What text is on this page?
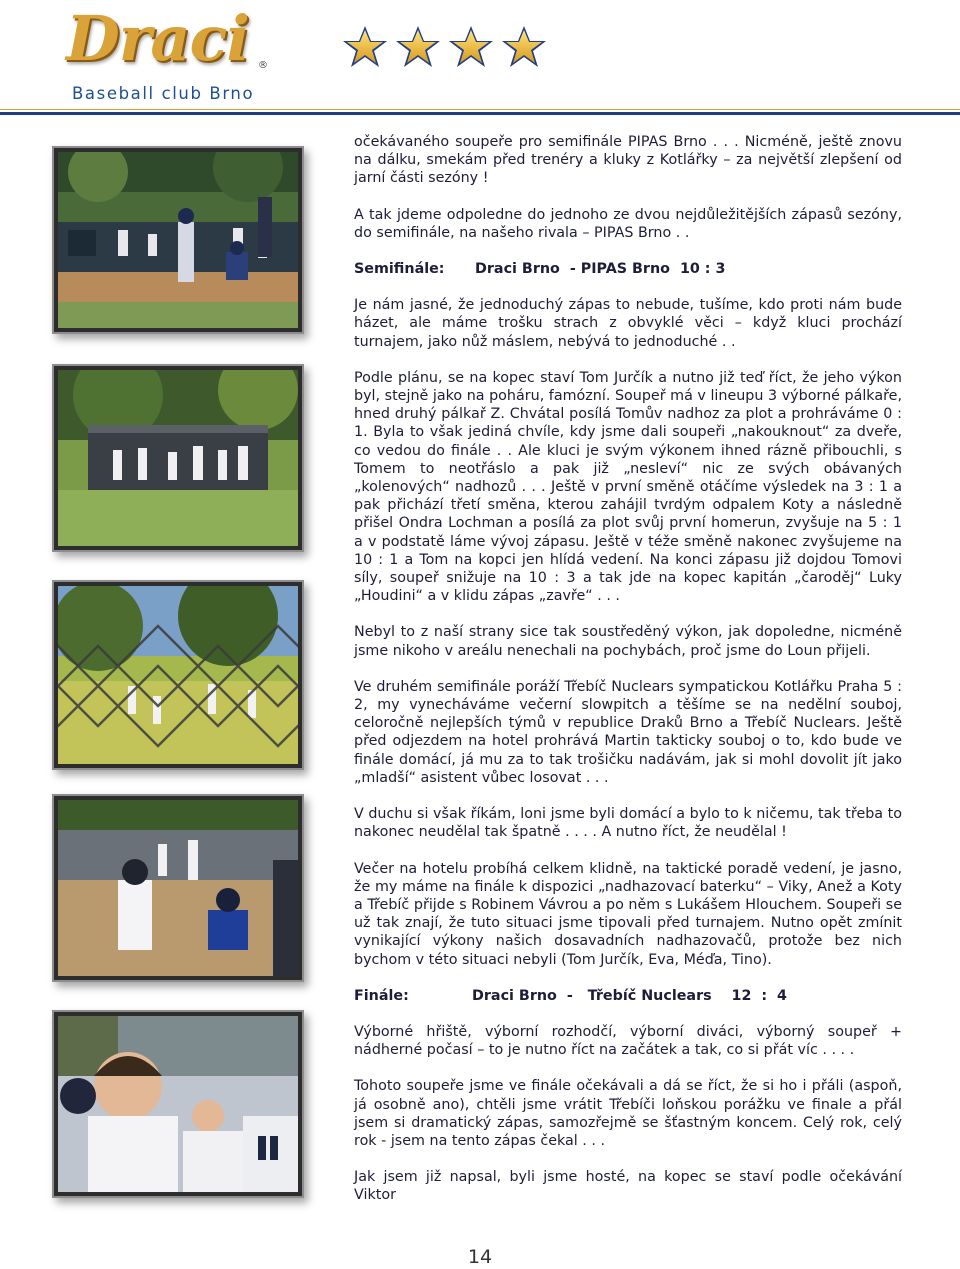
Draci ®
Baseball club Brno

očekávaného soupeře pro semifinále PIPAS Brno . . . Nicméně, ještě znovu na dálku, smekám před trenéry a kluky z Kotlářky – za největší zlepšení od jarní části sezóny !

A tak jdeme odpoledne do jednoho ze dvou nejdůležitějších zápasů sezóny, do semifinále, na našeho rivala – PIPAS Brno . .

Semifinále:	Draci Brno  - PIPAS Brno  10 : 3

Je nám jasné, že jednoduchý zápas to nebude, tušíme, kdo proti nám bude házet, ale máme trošku strach z obvyklé věci – když kluci prochází turnajem, jako nůž máslem, nebývá to jednoduché . .

Podle plánu, se na kopec staví Tom Jurčík a nutno již teď říct, že jeho výkon byl, stejně jako na poháru, famózní. Soupeř má v lineupu 3 výborné pálkaře, hned druhý pálkař Z. Chvátal posílá Tomův nadhoz za plot a prohráváme 0 : 1. Byla to však jediná chvíle, kdy jsme dali soupeři „nakouknout“ za dveře, co vedou do finále . . Ale kluci je svým výkonem ihned rázně přibouchli, s Tomem to neotřáslo a pak již „nesleví“ nic ze svých obávaných „kolenových“ nadhozů . . . Ještě v první směně otáčíme výsledek na 3 : 1 a pak přichází třetí směna, kterou zahájil tvrdým odpalem Koty a následně přišel Ondra Lochman a posílá za plot svůj první homerun, zvyšuje na 5 : 1 a v podstatě láme vývoj zápasu. Ještě v téže směně nakonec zvyšujeme na 10 : 1 a Tom na kopci jen hlídá vedení. Na konci zápasu již dojdou Tomovi síly, soupeř snižuje na 10 : 3 a tak jde na kopec kapitán „čaroděj“ Luky „Houdini“ a v klidu zápas „zavře“ . . .

Nebyl to z naší strany sice tak soustředěný výkon, jak dopoledne, nicméně jsme nikoho v areálu nenechali na pochybách, proč jsme do Loun přijeli.

Ve druhém semifinále poráží Třebíč Nuclears sympatickou Kotlářku Praha 5 : 2, my vynecháváme večerní slowpitch a těšíme se na nedělní souboj, celoročně nejlepších týmů v republice Draků Brno a Třebíč Nuclears. Ještě před odjezdem na hotel prohrává Martin takticky souboj o to, kdo bude ve finále domácí, já mu za to tak trošičku nadávám, jak si mohl dovolit jít jako „mladší“ asistent vůbec losovat . . .

V duchu si však říkám, loni jsme byli domácí a bylo to k ničemu, tak třeba to nakonec neudělal tak špatně . . . . A nutno říct, že neudělal !

Večer na hotelu probíhá celkem klidně, na taktické poradě vedení, je jasno, že my máme na finále k dispozici „nadhazovací baterku“ – Viky, Anež a Koty a Třebíč přijde s Robinem Vávrou a po něm s Lukášem Hlouchem. Soupeři se už tak znají, že tuto situaci jsme tipovali před turnajem. Nutno opět zmínit vynikající výkony našich dosavadních nadhazovačů, protože bez nich bychom v této situaci nebyli (Tom Jurčík, Eva, Méďa, Tino).

Finále:	Draci Brno  -   Třebíč Nuclears    12  :  4

Výborné hřiště, výborní rozhodčí, výborní diváci, výborný soupeř + nádherné počasí – to je nutno říct na začátek a tak, co si přát víc . . . .

Tohoto soupeře jsme ve finále očekávali a dá se říct, že si ho i přáli (aspoň, já osobně ano), chtěli jsme vrátit Třebíči loňskou porážku ve finale a přál jsem si dramatický zápas, samozřejmě se šťastným koncem. Celý rok, celý rok - jsem na tento zápas čekal . . .

Jak jsem již napsal, byli jsme hosté, na kopec se staví podle očekávání Viktor

14
